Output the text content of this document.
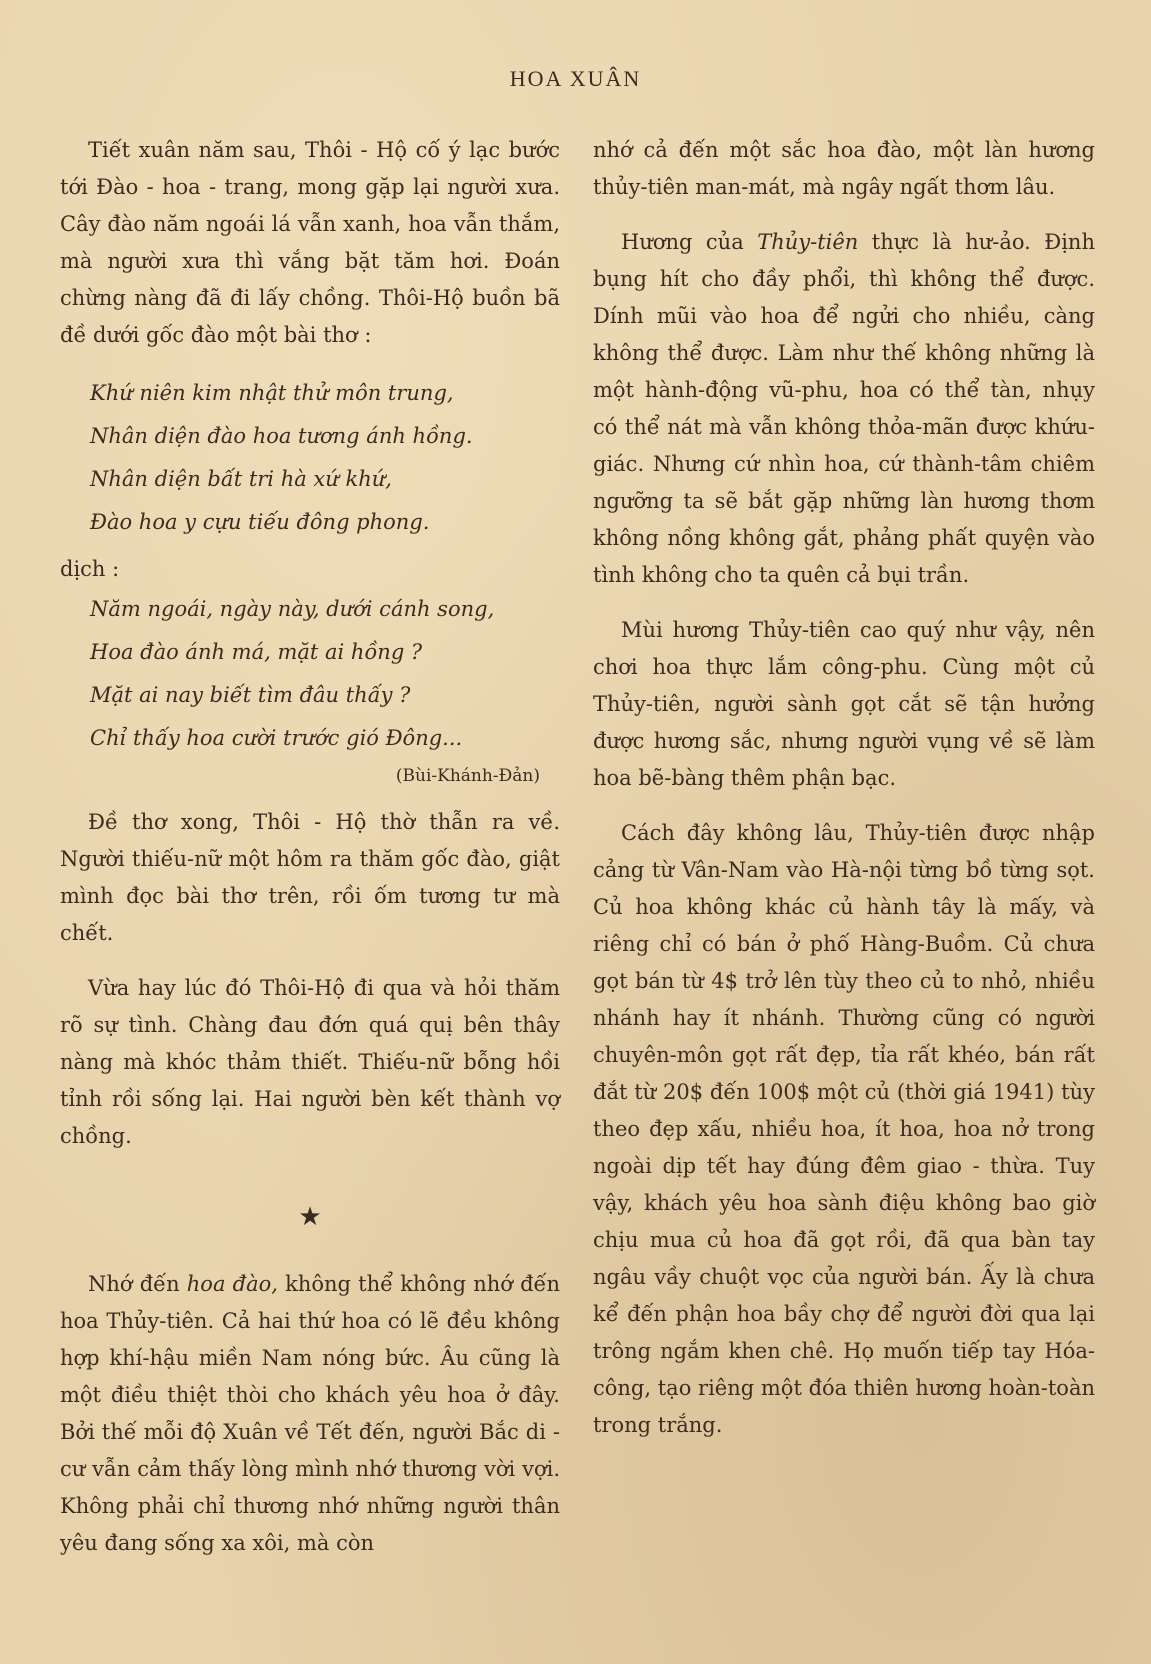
HOA XUÂN

Tiết xuân năm sau, Thôi - Hộ cố ý lạc bước tới Đào - hoa - trang, mong gặp lại người xưa. Cây đào năm ngoái lá vẫn xanh, hoa vẫn thắm, mà người xưa thì vắng bặt tăm hơi. Đoán chừng nàng đã đi lấy chồng. Thôi-Hộ buồn bã đề dưới gốc đào một bài thơ :

Khứ niên kim nhật thử môn trung,
Nhân diện đào hoa tương ánh hồng.
Nhân diện bất tri hà xứ khứ,
Đào hoa y cựu tiếu đông phong.
dịch :
Năm ngoái, ngày này, dưới cánh song,
Hoa đào ánh má, mặt ai hồng ?
Mặt ai nay biết tìm đâu thấy ?
Chỉ thấy hoa cười trước gió Đông...
(Bùi-Khánh-Đản)

Đề thơ xong, Thôi - Hộ thờ thẫn ra về. Người thiếu-nữ một hôm ra thăm gốc đào, giật mình đọc bài thơ trên, rồi ốm tương tư mà chết.

Vừa hay lúc đó Thôi-Hộ đi qua và hỏi thăm rõ sự tình. Chàng đau đớn quá quị bên thây nàng mà khóc thảm thiết. Thiếu-nữ bỗng hồi tỉnh rồi sống lại. Hai người bèn kết thành vợ chồng.

★

Nhớ đến hoa đào, không thể không nhớ đến hoa Thủy-tiên. Cả hai thứ hoa có lẽ đều không hợp khí-hậu miền Nam nóng bức. Âu cũng là một điều thiệt thòi cho khách yêu hoa ở đây. Bởi thế mỗi độ Xuân về Tết đến, người Bắc di - cư vẫn cảm thấy lòng mình nhớ thương vời vợi. Không phải chỉ thương nhớ những người thân yêu đang sống xa xôi, mà còn

nhớ cả đến một sắc hoa đào, một làn hương thủy-tiên man-mát, mà ngây ngất thơm lâu.

Hương của Thủy-tiên thực là hư-ảo. Định bụng hít cho đầy phổi, thì không thể được. Dính mũi vào hoa để ngửi cho nhiều, càng không thể được. Làm như thế không những là một hành-động vũ-phu, hoa có thể tàn, nhụy có thể nát mà vẫn không thỏa-mãn được khứu-giác. Nhưng cứ nhìn hoa, cứ thành-tâm chiêm ngưỡng ta sẽ bắt gặp những làn hương thơm không nồng không gắt, phảng phất quyện vào tình không cho ta quên cả bụi trần.

Mùi hương Thủy-tiên cao quý như vậy, nên chơi hoa thực lắm công-phu. Cùng một củ Thủy-tiên, người sành gọt cắt sẽ tận hưởng được hương sắc, nhưng người vụng về sẽ làm hoa bẽ-bàng thêm phận bạc.

Cách đây không lâu, Thủy-tiên được nhập cảng từ Vân-Nam vào Hà-nội từng bồ từng sọt. Củ hoa không khác củ hành tây là mấy, và riêng chỉ có bán ở phố Hàng-Buồm. Củ chưa gọt bán từ 4$ trở lên tùy theo củ to nhỏ, nhiều nhánh hay ít nhánh. Thường cũng có người chuyên-môn gọt rất đẹp, tỉa rất khéo, bán rất đắt từ 20$ đến 100$ một củ (thời giá 1941) tùy theo đẹp xấu, nhiều hoa, ít hoa, hoa nở trong ngoài dịp tết hay đúng đêm giao - thừa. Tuy vậy, khách yêu hoa sành điệu không bao giờ chịu mua củ hoa đã gọt rồi, đã qua bàn tay ngâu vầy chuột vọc của người bán. Ấy là chưa kể đến phận hoa bầy chợ để người đời qua lại trông ngắm khen chê. Họ muốn tiếp tay Hóa-công, tạo riêng một đóa thiên hương hoàn-toàn trong trắng.
